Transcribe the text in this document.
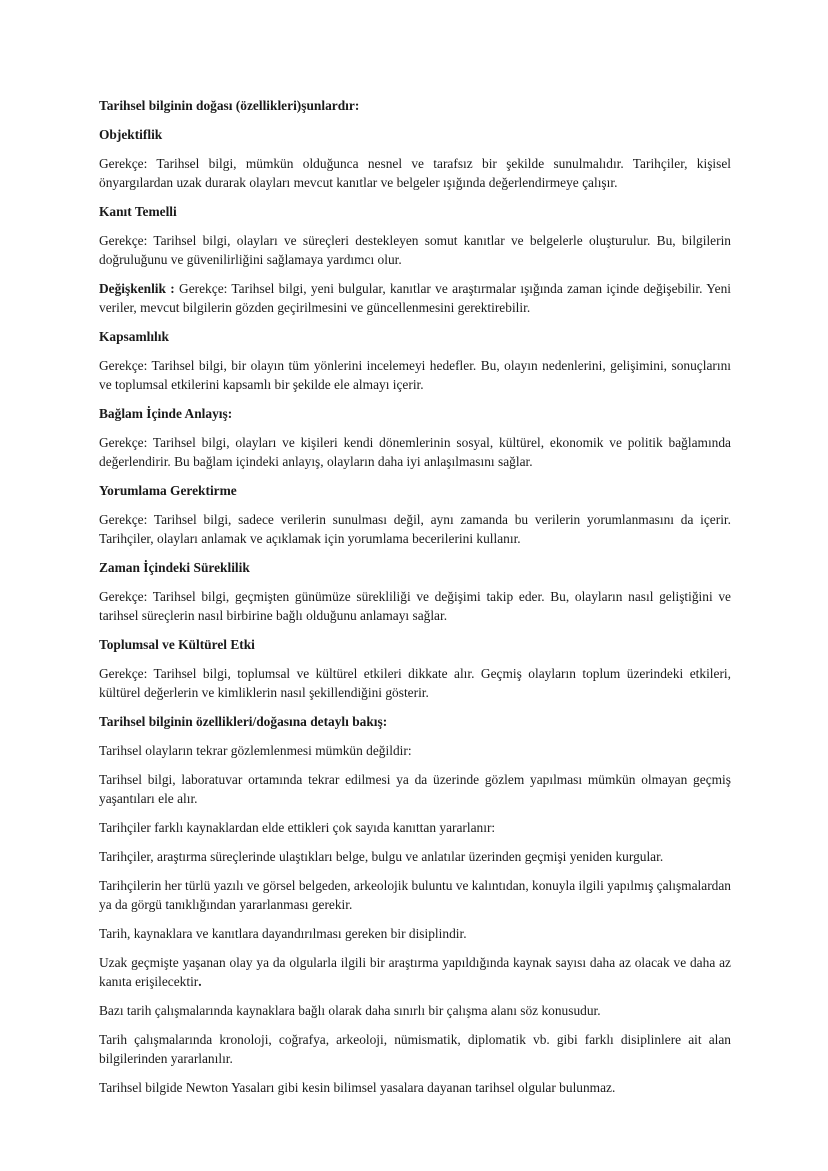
Tarihsel bilginin doğası (özellikleri)şunlardır:
Objektiflik
Gerekçe: Tarihsel bilgi, mümkün olduğunca nesnel ve tarafsız bir şekilde sunulmalıdır. Tarihçiler, kişisel önyargılardan uzak durarak olayları mevcut kanıtlar ve belgeler ışığında değerlendirmeye çalışır.
Kanıt Temelli
Gerekçe: Tarihsel bilgi, olayları ve süreçleri destekleyen somut kanıtlar ve belgelerle oluşturulur. Bu, bilgilerin doğruluğunu ve güvenilirliğini sağlamaya yardımcı olur.
Değişkenlik : Gerekçe: Tarihsel bilgi, yeni bulgular, kanıtlar ve araştırmalar ışığında zaman içinde değişebilir. Yeni veriler, mevcut bilgilerin gözden geçirilmesini ve güncellenmesini gerektirebilir.
Kapsamlılık
Gerekçe: Tarihsel bilgi, bir olayın tüm yönlerini incelemeyi hedefler. Bu, olayın nedenlerini, gelişimini, sonuçlarını ve toplumsal etkilerini kapsamlı bir şekilde ele almayı içerir.
Bağlam İçinde Anlayış:
Gerekçe: Tarihsel bilgi, olayları ve kişileri kendi dönemlerinin sosyal, kültürel, ekonomik ve politik bağlamında değerlendirir. Bu bağlam içindeki anlayış, olayların daha iyi anlaşılmasını sağlar.
Yorumlama Gerektirme
Gerekçe: Tarihsel bilgi, sadece verilerin sunulması değil, aynı zamanda bu verilerin yorumlanmasını da içerir. Tarihçiler, olayları anlamak ve açıklamak için yorumlama becerilerini kullanır.
Zaman İçindeki Süreklilik
Gerekçe: Tarihsel bilgi, geçmişten günümüze sürekliliği ve değişimi takip eder. Bu, olayların nasıl geliştiğini ve tarihsel süreçlerin nasıl birbirine bağlı olduğunu anlamayı sağlar.
Toplumsal ve Kültürel Etki
Gerekçe: Tarihsel bilgi, toplumsal ve kültürel etkileri dikkate alır. Geçmiş olayların toplum üzerindeki etkileri, kültürel değerlerin ve kimliklerin nasıl şekillendiğini gösterir.
Tarihsel bilginin özellikleri/doğasına detaylı bakış:
Tarihsel olayların tekrar gözlemlenmesi mümkün değildir:
Tarihsel bilgi, laboratuvar ortamında tekrar edilmesi ya da üzerinde gözlem yapılması mümkün olmayan geçmiş yaşantıları ele alır.
Tarihçiler farklı kaynaklardan elde ettikleri çok sayıda kanıttan yararlanır:
Tarihçiler, araştırma süreçlerinde ulaştıkları belge, bulgu ve anlatılar üzerinden geçmişi yeniden kurgular.
Tarihçilerin her türlü yazılı ve görsel belgeden, arkeolojik buluntu ve kalıntıdan, konuyla ilgili yapılmış çalışmalardan ya da görgü tanıklığından yararlanması gerekir.
Tarih, kaynaklara ve kanıtlara dayandırılması gereken bir disiplindir.
Uzak geçmişte yaşanan olay ya da olgularla ilgili bir araştırma yapıldığında kaynak sayısı daha az olacak ve daha az kanıta erişilecektir.
Bazı tarih çalışmalarında kaynaklara bağlı olarak daha sınırlı bir çalışma alanı söz konusudur.
Tarih çalışmalarında kronoloji, coğrafya, arkeoloji, nümismatik, diplomatik vb. gibi farklı disiplinlere ait alan bilgilerinden yararlanılır.
Tarihsel bilgide Newton Yasaları gibi kesin bilimsel yasalara dayanan tarihsel olgular bulunmaz.
